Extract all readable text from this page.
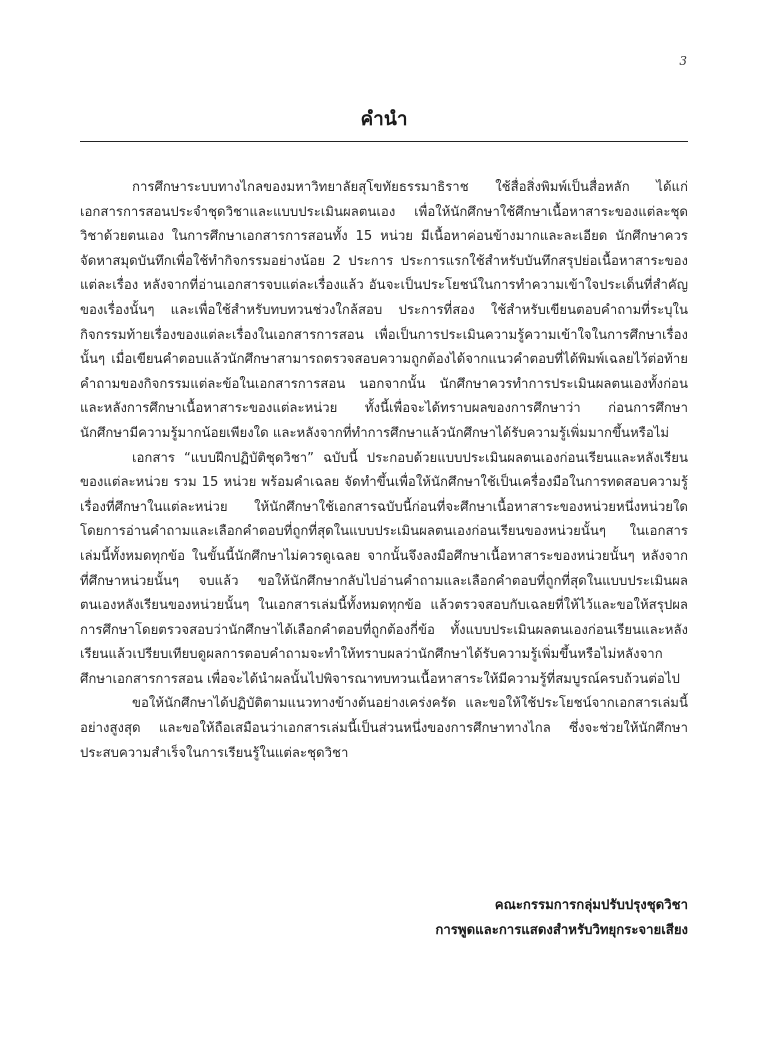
3
คำนำ

การศึกษาระบบทางไกลของมหาวิทยาลัยสุโขทัยธรรมาธิราช ใช้สื่อสิ่งพิมพ์เป็นสื่อหลัก ได้แก่ เอกสารการสอนประจำชุดวิชาและแบบประเมินผลตนเอง เพื่อให้นักศึกษาใช้ศึกษาเนื้อหาสาระของแต่ละชุดวิชาด้วยตนเอง ในการศึกษาเอกสารการสอนทั้ง 15 หน่วย มีเนื้อหาค่อนข้างมากและละเอียด นักศึกษาควรจัดหาสมุดบันทึกเพื่อใช้ทำกิจกรรมอย่างน้อย 2 ประการ ประการแรกใช้สำหรับบันทึกสรุปย่อเนื้อหาสาระของแต่ละเรื่อง หลังจากที่อ่านเอกสารจบแต่ละเรื่องแล้ว อันจะเป็นประโยชน์ในการทำความเข้าใจประเด็นที่สำคัญของเรื่องนั้นๆ และเพื่อใช้สำหรับทบทวนช่วงใกล้สอบ ประการที่สอง ใช้สำหรับเขียนตอบคำถามที่ระบุในกิจกรรมท้ายเรื่องของแต่ละเรื่องในเอกสารการสอน เพื่อเป็นการประเมินความรู้ความเข้าใจในการศึกษาเรื่องนั้นๆ เมื่อเขียนคำตอบแล้วนักศึกษาสามารถตรวจสอบความถูกต้องได้จากแนวคำตอบที่ได้พิมพ์เฉลยไว้ต่อท้ายคำถามของกิจกรรมแต่ละข้อในเอกสารการสอน นอกจากนั้น นักศึกษาควรทำการประเมินผลตนเองทั้งก่อนและหลังการศึกษาเนื้อหาสาระของแต่ละหน่วย ทั้งนี้เพื่อจะได้ทราบผลของการศึกษาว่า ก่อนการศึกษานักศึกษามีความรู้มากน้อยเพียงใด และหลังจากที่ทำการศึกษาแล้วนักศึกษาได้รับความรู้เพิ่มมากขึ้นหรือไม่

เอกสาร “แบบฝึกปฏิบัติชุดวิชา” ฉบับนี้ ประกอบด้วยแบบประเมินผลตนเองก่อนเรียนและหลังเรียนของแต่ละหน่วย รวม 15 หน่วย พร้อมคำเฉลย จัดทำขึ้นเพื่อให้นักศึกษาใช้เป็นเครื่องมือในการทดสอบความรู้เรื่องที่ศึกษาในแต่ละหน่วย ให้นักศึกษาใช้เอกสารฉบับนี้ก่อนที่จะศึกษาเนื้อหาสาระของหน่วยหนึ่งหน่วยใด โดยการอ่านคำถามและเลือกคำตอบที่ถูกที่สุดในแบบประเมินผลตนเองก่อนเรียนของหน่วยนั้นๆ ในเอกสารเล่มนี้ทั้งหมดทุกข้อ ในขั้นนี้นักศึกษาไม่ควรดูเฉลย จากนั้นจึงลงมือศึกษาเนื้อหาสาระของหน่วยนั้นๆ หลังจากที่ศึกษาหน่วยนั้นๆ จบแล้ว ขอให้นักศึกษากลับไปอ่านคำถามและเลือกคำตอบที่ถูกที่สุดในแบบประเมินผลตนเองหลังเรียนของหน่วยนั้นๆ ในเอกสารเล่มนี้ทั้งหมดทุกข้อ แล้วตรวจสอบกับเฉลยที่ให้ไว้และขอให้สรุปผลการศึกษาโดยตรวจสอบว่านักศึกษาได้เลือกคำตอบที่ถูกต้องกี่ข้อ ทั้งแบบประเมินผลตนเองก่อนเรียนและหลังเรียนแล้วเปรียบเทียบดูผลการตอบคำถามจะทำให้ทราบผลว่านักศึกษาได้รับความรู้เพิ่มขึ้นหรือไม่หลังจากศึกษาเอกสารการสอน เพื่อจะได้นำผลนั้นไปพิจารณาทบทวนเนื้อหาสาระให้มีความรู้ที่สมบูรณ์ครบถ้วนต่อไป

ขอให้นักศึกษาได้ปฏิบัติตามแนวทางข้างต้นอย่างเคร่งครัด และขอให้ใช้ประโยชน์จากเอกสารเล่มนี้อย่างสูงสุด และขอให้ถือเสมือนว่าเอกสารเล่มนี้เป็นส่วนหนึ่งของการศึกษาทางไกล ซึ่งจะช่วยให้นักศึกษาประสบความสำเร็จในการเรียนรู้ในแต่ละชุดวิชา

คณะกรรมการกลุ่มปรับปรุงชุดวิชา
การพูดและการแสดงสำหรับวิทยุกระจายเสียง
